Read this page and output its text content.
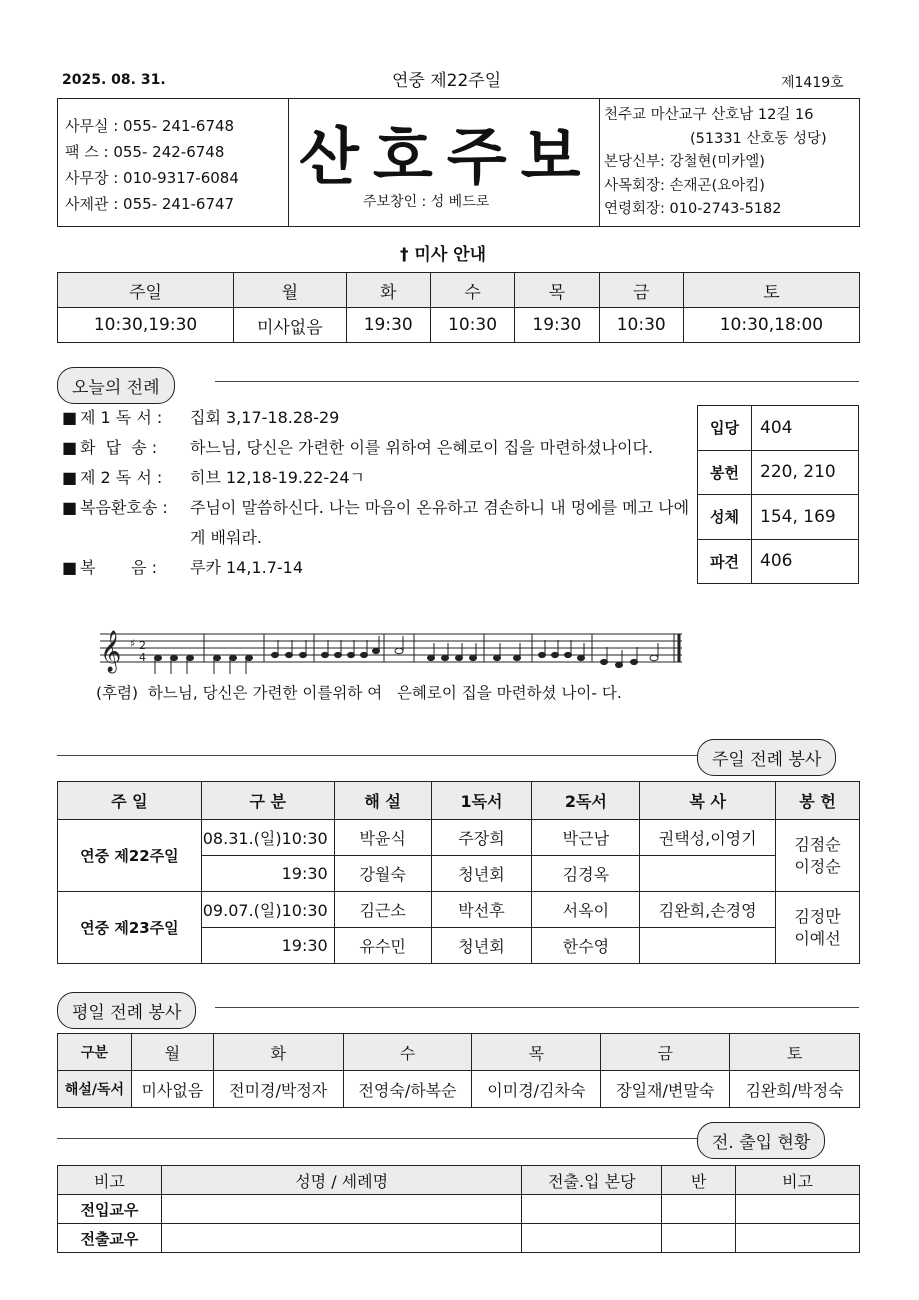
2025. 08. 31.	연중 제22주일	제1419호
사무실 : 055- 241-6748
팩 스 : 055- 242-6748
사무장 : 010-9317-6084
사제관 : 055- 241-6747
산호주보
주보창인 : 성 베드로
천주교 마산교구 산호남 12길 16
(51331 산호동 성당)
본당신부: 강철현(미카엘)
사목회장: 손재곤(요아킴)
연령회장: 010-2743-5182
† 미사 안내
주일	월	화	수	목	금	토
10:30,19:30	미사없음	19:30	10:30	19:30	10:30	10:30,18:00
오늘의 전례
■ 제 1 독 서 :	집회 3,17-18.28-29
■ 화  답  송 :	하느님, 당신은 가련한 이를 위하여 은혜로이 집을 마련하셨나이다.
■ 제 2 독 서 :	히브 12,18-19.22-24ㄱ
■ 복음환호송 :	주님이 말씀하신다. 나는 마음이 온유하고 겸손하니 내 멍에를 메고 나에게 배워라.
■ 복       음 :	루카 14,1.7-14
입당	404
봉헌	220, 210
성체	154, 169
파견	406
𝄞 ♯ 2
4
(후렴) 하느님, 당신은 가련한 이를위하 여   은혜로이 집을 마련하셨 나이- 다.
주일 전례 봉사
주 일	구 분	해 설	1독서	2독서	복 사	봉 헌
연중 제22주일	08.31.(일)10:30	박윤식	주장희	박근남	권택성,이영기	김점순
이정순
	19:30	강월숙	청년회	김경옥		
연중 제23주일	09.07.(일)10:30	김근소	박선후	서옥이	김완희,손경영	김정만
이예선
	19:30	유수민	청년회	한수영		
평일 전례 봉사
구분	월	화	수	목	금	토
해설/독서	미사없음	전미경/박정자	전영숙/하복순	이미경/김차숙	장일재/변말숙	김완희/박정숙
전. 출입 현황
비고	성명 / 세례명	전출.입 본당	반	비고
전입교우				
전출교우				
